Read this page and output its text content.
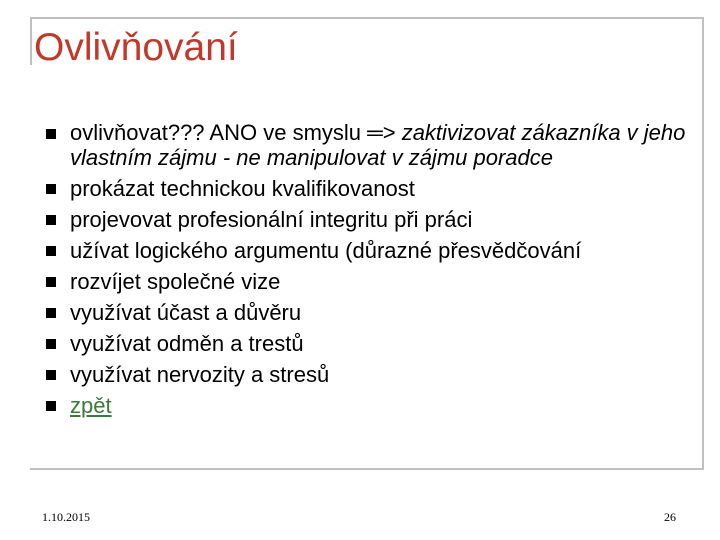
Ovlivňování
ovlivňovat??? ANO ve smyslu ═> zaktivizovat zákazníka v jeho vlastním zájmu - ne manipulovat v zájmu poradce
prokázat technickou kvalifikovanost
projevovat profesionální integritu při práci
užívat logického argumentu (důrazné přesvědčování
rozvíjet společné vize
využívat účast a důvěru
využívat odměn a trestů
využívat nervozity a stresů
zpět
1.10.2015	26
